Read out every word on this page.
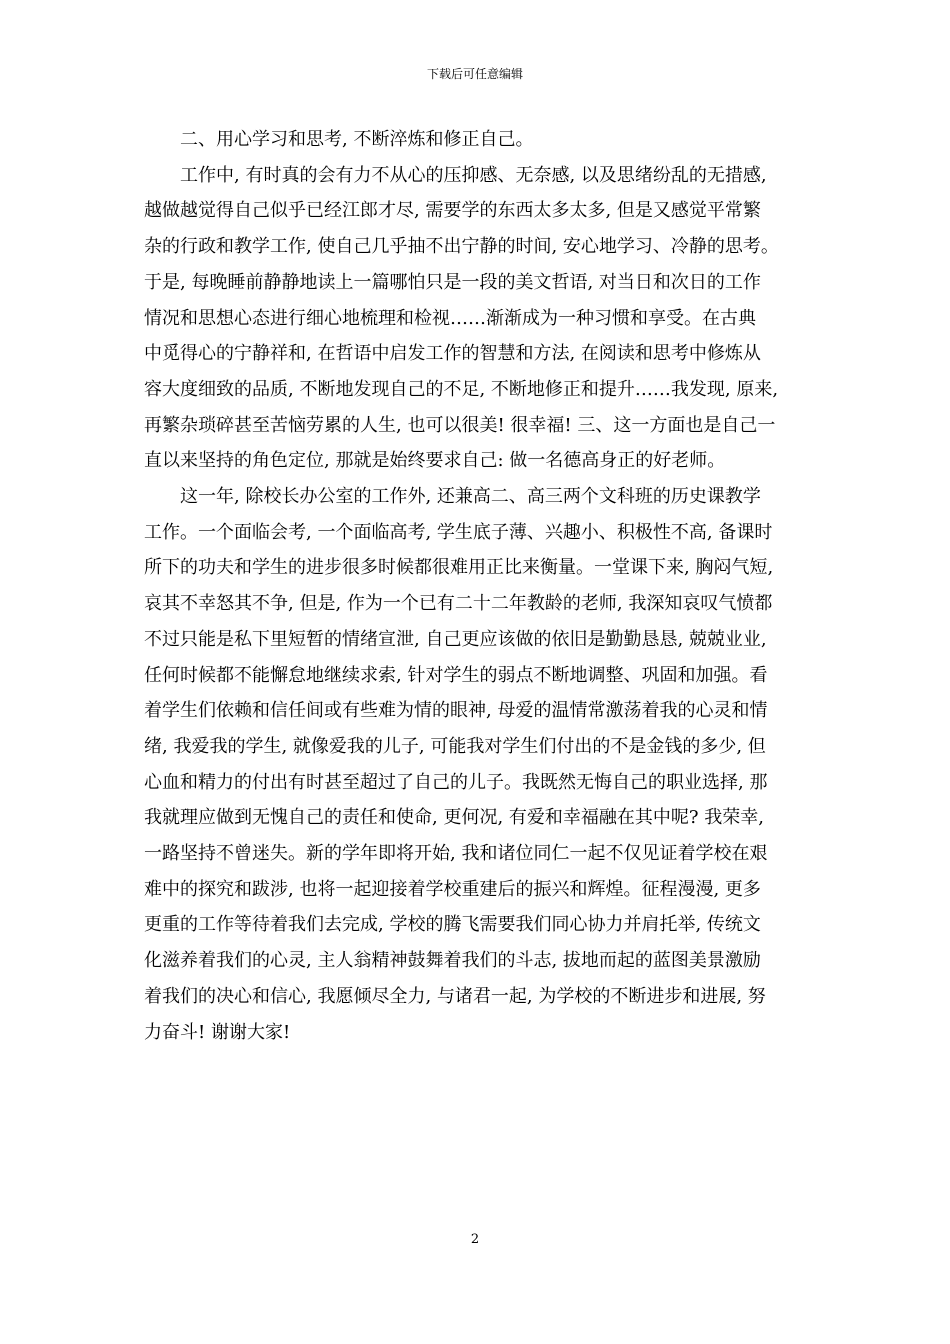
下载后可任意编辑

二、用心学习和思考, 不断淬炼和修正自己。

工作中, 有时真的会有力不从心的压抑感、无奈感, 以及思绪纷乱的无措感,
越做越觉得自己似乎已经江郎才尽, 需要学的东西太多太多, 但是又感觉平常繁
杂的行政和教学工作, 使自己几乎抽不出宁静的时间, 安心地学习、冷静的思考。
于是, 每晚睡前静静地读上一篇哪怕只是一段的美文哲语, 对当日和次日的工作
情况和思想心态进行细心地梳理和检视……渐渐成为一种习惯和享受。在古典
中觅得心的宁静祥和, 在哲语中启发工作的智慧和方法, 在阅读和思考中修炼从
容大度细致的品质, 不断地发现自己的不足, 不断地修正和提升……我发现, 原来,
再繁杂琐碎甚至苦恼劳累的人生, 也可以很美! 很幸福! 三、这一方面也是自己一
直以来坚持的角色定位, 那就是始终要求自己: 做一名德高身正的好老师。

这一年, 除校长办公室的工作外, 还兼高二、高三两个文科班的历史课教学
工作。一个面临会考, 一个面临高考, 学生底子薄、兴趣小、积极性不高, 备课时
所下的功夫和学生的进步很多时候都很难用正比来衡量。一堂课下来, 胸闷气短,
哀其不幸怒其不争, 但是, 作为一个已有二十二年教龄的老师, 我深知哀叹气愤都
不过只能是私下里短暂的情绪宣泄, 自己更应该做的依旧是勤勤恳恳, 兢兢业业,
任何时候都不能懈怠地继续求索, 针对学生的弱点不断地调整、巩固和加强。看
着学生们依赖和信任间或有些难为情的眼神, 母爱的温情常激荡着我的心灵和情
绪, 我爱我的学生, 就像爱我的儿子, 可能我对学生们付出的不是金钱的多少, 但
心血和精力的付出有时甚至超过了自己的儿子。我既然无悔自己的职业选择, 那
我就理应做到无愧自己的责任和使命, 更何况, 有爱和幸福融在其中呢? 我荣幸,
一路坚持不曾迷失。新的学年即将开始, 我和诸位同仁一起不仅见证着学校在艰
难中的探究和跋涉, 也将一起迎接着学校重建后的振兴和辉煌。征程漫漫, 更多
更重的工作等待着我们去完成, 学校的腾飞需要我们同心协力并肩托举, 传统文
化滋养着我们的心灵, 主人翁精神鼓舞着我们的斗志, 拔地而起的蓝图美景激励
着我们的决心和信心, 我愿倾尽全力, 与诸君一起, 为学校的不断进步和进展, 努
力奋斗! 谢谢大家!

2
